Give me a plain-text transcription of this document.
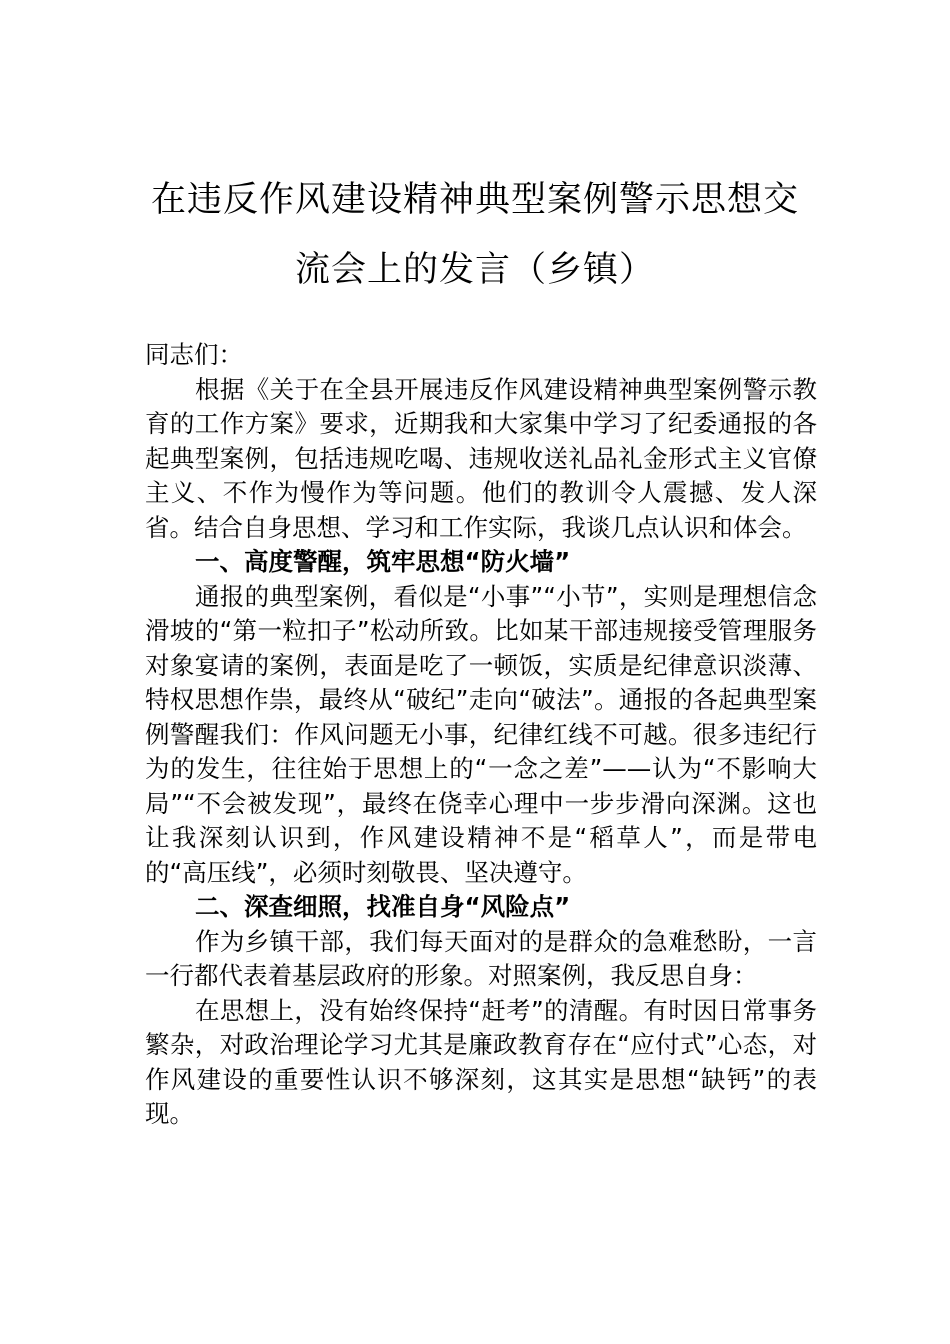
在违反作风建设精神典型案例警示思想交
流会上的发言（乡镇）

同志们：

根据《关于在全县开展违反作风建设精神典型案例警示教育的工作方案》要求，近期我和大家集中学习了纪委通报的各起典型案例，包括违规吃喝、违规收送礼品礼金形式主义官僚主义、不作为慢作为等问题。他们的教训令人震撼、发人深省。结合自身思想、学习和工作实际，我谈几点认识和体会。

一、高度警醒，筑牢思想“防火墙”

通报的典型案例，看似是“小事”“小节”，实则是理想信念滑坡的“第一粒扣子”松动所致。比如某干部违规接受管理服务对象宴请的案例，表面是吃了一顿饭，实质是纪律意识淡薄、特权思想作祟，最终从“破纪”走向“破法”。通报的各起典型案例警醒我们：作风问题无小事，纪律红线不可越。很多违纪行为的发生，往往始于思想上的“一念之差”——认为“不影响大局”“不会被发现”，最终在侥幸心理中一步步滑向深渊。这也让我深刻认识到，作风建设精神不是“稻草人”，而是带电的“高压线”，必须时刻敬畏、坚决遵守。

二、深查细照，找准自身“风险点”

作为乡镇干部，我们每天面对的是群众的急难愁盼，一言一行都代表着基层政府的形象。对照案例，我反思自身：

在思想上，没有始终保持“赶考”的清醒。有时因日常事务繁杂，对政治理论学习尤其是廉政教育存在“应付式”心态，对作风建设的重要性认识不够深刻，这其实是思想“缺钙”的表现。
